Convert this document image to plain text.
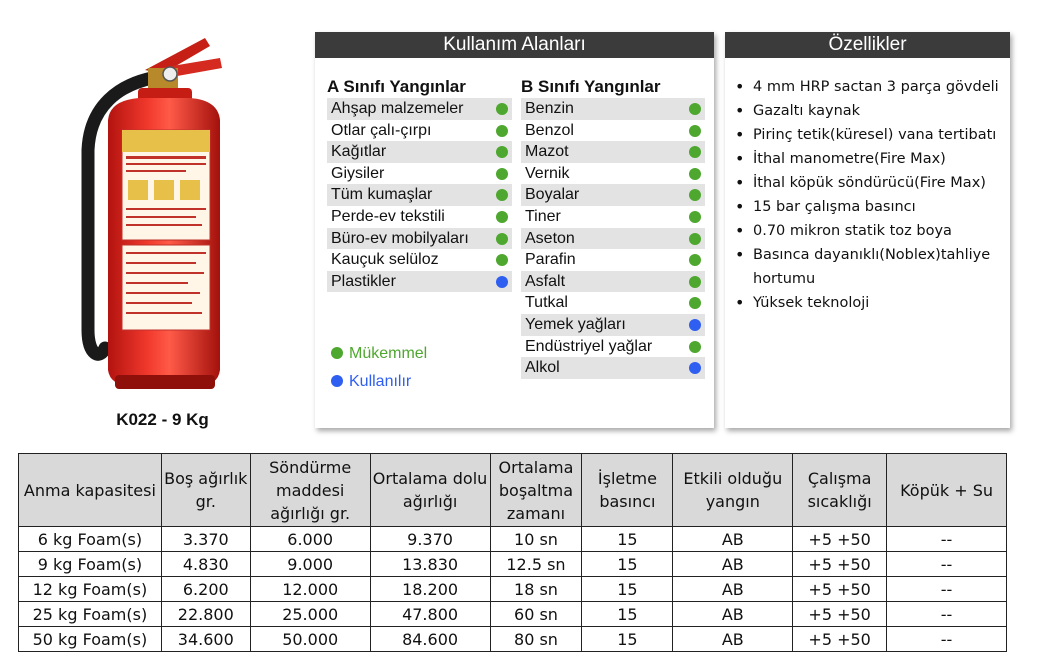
K022 - 9 Kg
Kullanım Alanları
A Sınıfı Yangınlar
Ahşap malzemeler
Otlar çalı-çırpı
Kağıtlar
Giysiler
Tüm kumaşlar
Perde-ev tekstili
Büro-ev mobilyaları
Kauçuk selüloz
Plastikler
B Sınıfı Yangınlar
Benzin
Benzol
Mazot
Vernik
Boyalar
Tiner
Aseton
Parafin
Asfalt
Tutkal
Yemek yağları
Endüstriyel yağlar
Alkol
Mükemmel
Kullanılır
Özellikler
• 4 mm HRP sactan 3 parça gövdeli
• Gazaltı kaynak
• Pirinç tetik(küresel) vana tertibatı
• İthal manometre(Fire Max)
• İthal köpük söndürücü(Fire Max)
• 15 bar çalışma basıncı
• 0.70 mikron statik toz boya
• Basınca dayanıklı(Noblex)tahliye hortumu
• Yüksek teknoloji
Anma kapasitesi	Boş ağırlık gr.	Söndürme maddesi ağırlığı gr.	Ortalama dolu ağırlığı	Ortalama boşaltma zamanı	İşletme basıncı	Etkili olduğu yangın	Çalışma sıcaklığı	Köpük + Su
6 kg Foam(s)	3.370	6.000	9.370	10 sn	15	AB	+5 +50	--
9 kg Foam(s)	4.830	9.000	13.830	12.5 sn	15	AB	+5 +50	--
12 kg Foam(s)	6.200	12.000	18.200	18 sn	15	AB	+5 +50	--
25 kg Foam(s)	22.800	25.000	47.800	60 sn	15	AB	+5 +50	--
50 kg Foam(s)	34.600	50.000	84.600	80 sn	15	AB	+5 +50	--
